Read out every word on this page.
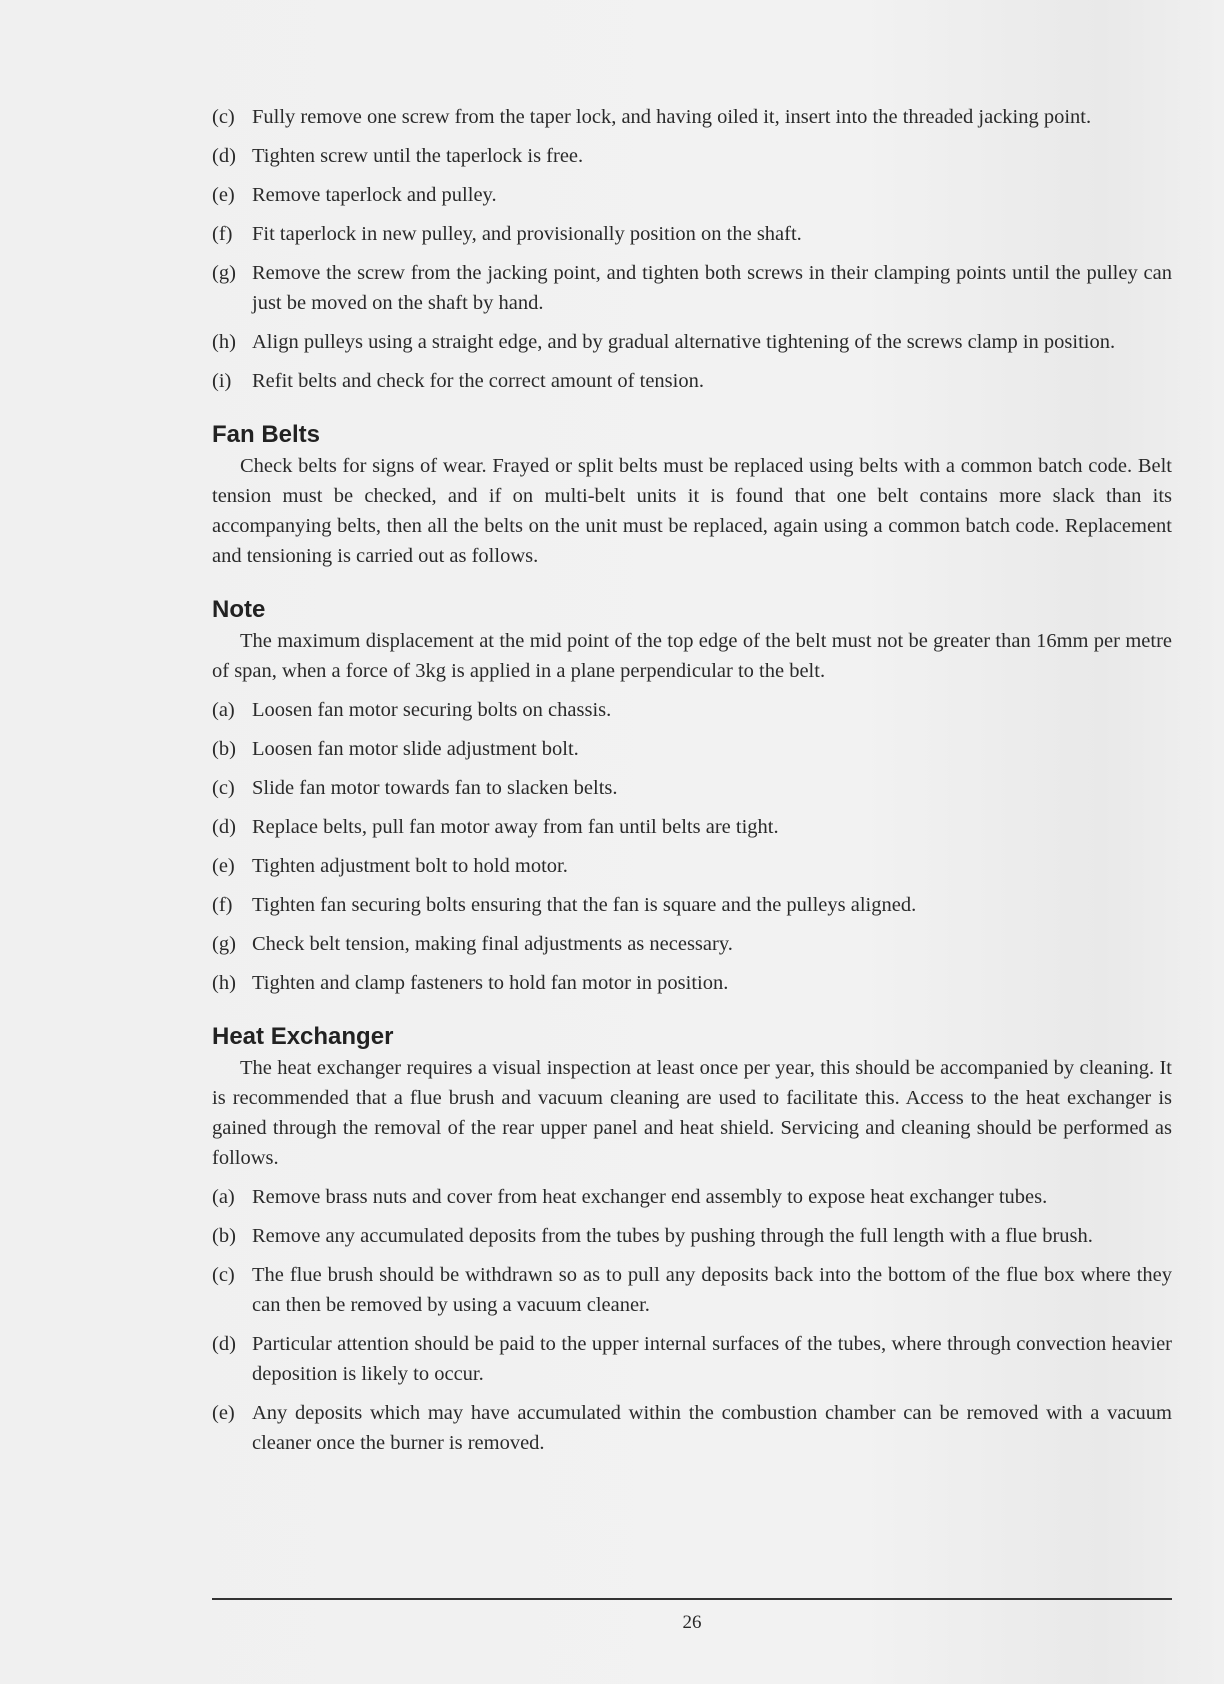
(c) Fully remove one screw from the taper lock, and having oiled it, insert into the threaded jacking point.
(d) Tighten screw until the taperlock is free.
(e) Remove taperlock and pulley.
(f) Fit taperlock in new pulley, and provisionally position on the shaft.
(g) Remove the screw from the jacking point, and tighten both screws in their clamping points until the pulley can just be moved on the shaft by hand.
(h) Align pulleys using a straight edge, and by gradual alternative tightening of the screws clamp in position.
(i)	Refit belts and check for the correct amount of tension.
Fan Belts
Check belts for signs of wear. Frayed or split belts must be replaced using belts with a common batch code. Belt tension must be checked, and if on multi-belt units it is found that one belt contains more slack than its accompanying belts, then all the belts on the unit must be replaced, again using a common batch code. Replacement and tensioning is carried out as follows.
Note
The maximum displacement at the mid point of the top edge of the belt must not be greater than 16mm per metre of span, when a force of 3kg is applied in a plane perpendicular to the belt.
(a) Loosen fan motor securing bolts on chassis.
(b) Loosen fan motor slide adjustment bolt.
(c) Slide fan motor towards fan to slacken belts.
(d) Replace belts, pull fan motor away from fan until belts are tight.
(e) Tighten adjustment bolt to hold motor.
(f) Tighten fan securing bolts ensuring that the fan is square and the pulleys aligned.
(g) Check belt tension, making final adjustments as necessary.
(h) Tighten and clamp fasteners to hold fan motor in position.
Heat Exchanger
The heat exchanger requires a visual inspection at least once per year, this should be accompanied by cleaning. It is recommended that a flue brush and vacuum cleaning are used to facilitate this. Access to the heat exchanger is gained through the removal of the rear upper panel and heat shield. Servicing and cleaning should be performed as follows.
(a) Remove brass nuts and cover from heat exchanger end assembly to expose heat exchanger tubes.
(b) Remove any accumulated deposits from the tubes by pushing through the full length with a flue brush.
(c) The flue brush should be withdrawn so as to pull any deposits back into the bottom of the flue box where they can then be removed by using a vacuum cleaner.
(d) Particular attention should be paid to the upper internal surfaces of the tubes, where through convection heavier deposition is likely to occur.
(e) Any deposits which may have accumulated within the combustion chamber can be removed with a vacuum cleaner once the burner is removed.
26
